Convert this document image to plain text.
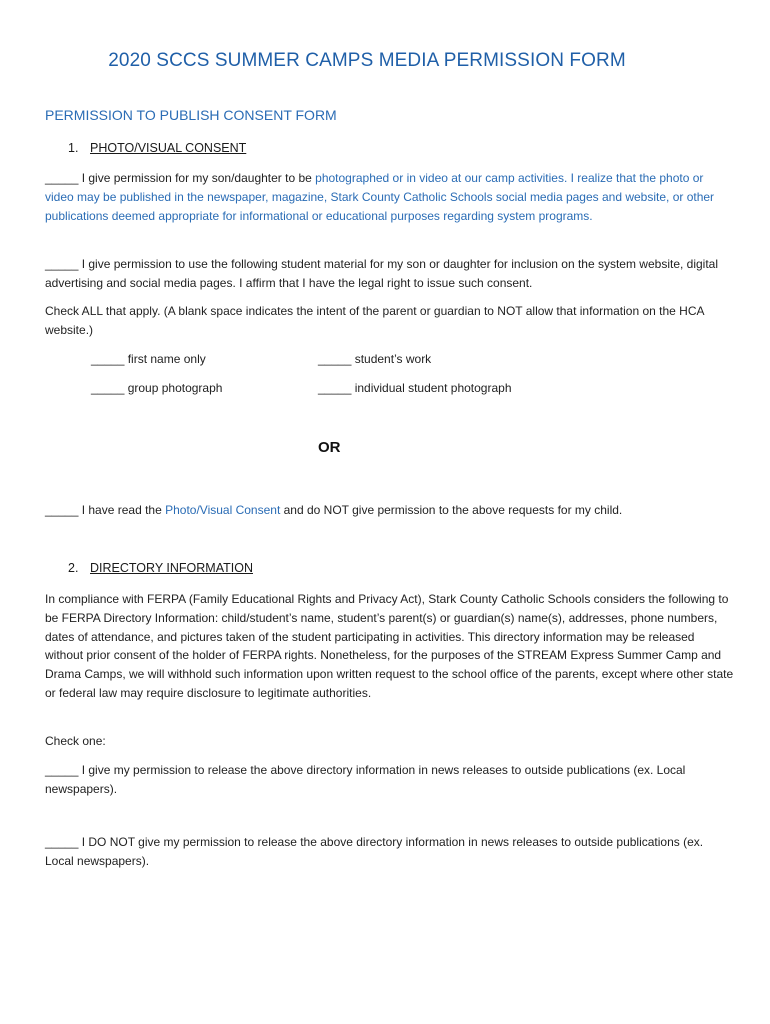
2020 SCCS SUMMER CAMPS MEDIA PERMISSION FORM
PERMISSION TO PUBLISH CONSENT FORM
1. PHOTO/VISUAL CONSENT
_____ I give permission for my son/daughter to be photographed or in video at our camp activities. I realize that the photo or video may be published in the newspaper, magazine, Stark County Catholic Schools social media pages and website, or other publications deemed appropriate for informational or educational purposes regarding system programs.
_____ I give permission to use the following student material for my son or daughter for inclusion on the system website, digital advertising and social media pages. I affirm that I have the legal right to issue such consent.
Check ALL that apply. (A blank space indicates the intent of the parent or guardian to NOT allow that information on the HCA website.)
_____ first name only	_____ student’s work
_____ group photograph	_____ individual student photograph
OR
_____ I have read the Photo/Visual Consent and do NOT give permission to the above requests for my child.
2. DIRECTORY INFORMATION
In compliance with FERPA (Family Educational Rights and Privacy Act), Stark County Catholic Schools considers the following to be FERPA Directory Information: child/student’s name, student’s parent(s) or guardian(s) name(s), addresses, phone numbers, dates of attendance, and pictures taken of the student participating in activities. This directory information may be released without prior consent of the holder of FERPA rights. Nonetheless, for the purposes of the STREAM Express Summer Camp and Drama Camps, we will withhold such information upon written request to the school office of the parents, except where other state or federal law may require disclosure to legitimate authorities.
Check one:
_____ I give my permission to release the above directory information in news releases to outside publications (ex. Local newspapers).
_____ I DO NOT give my permission to release the above directory information in news releases to outside publications (ex. Local newspapers).
